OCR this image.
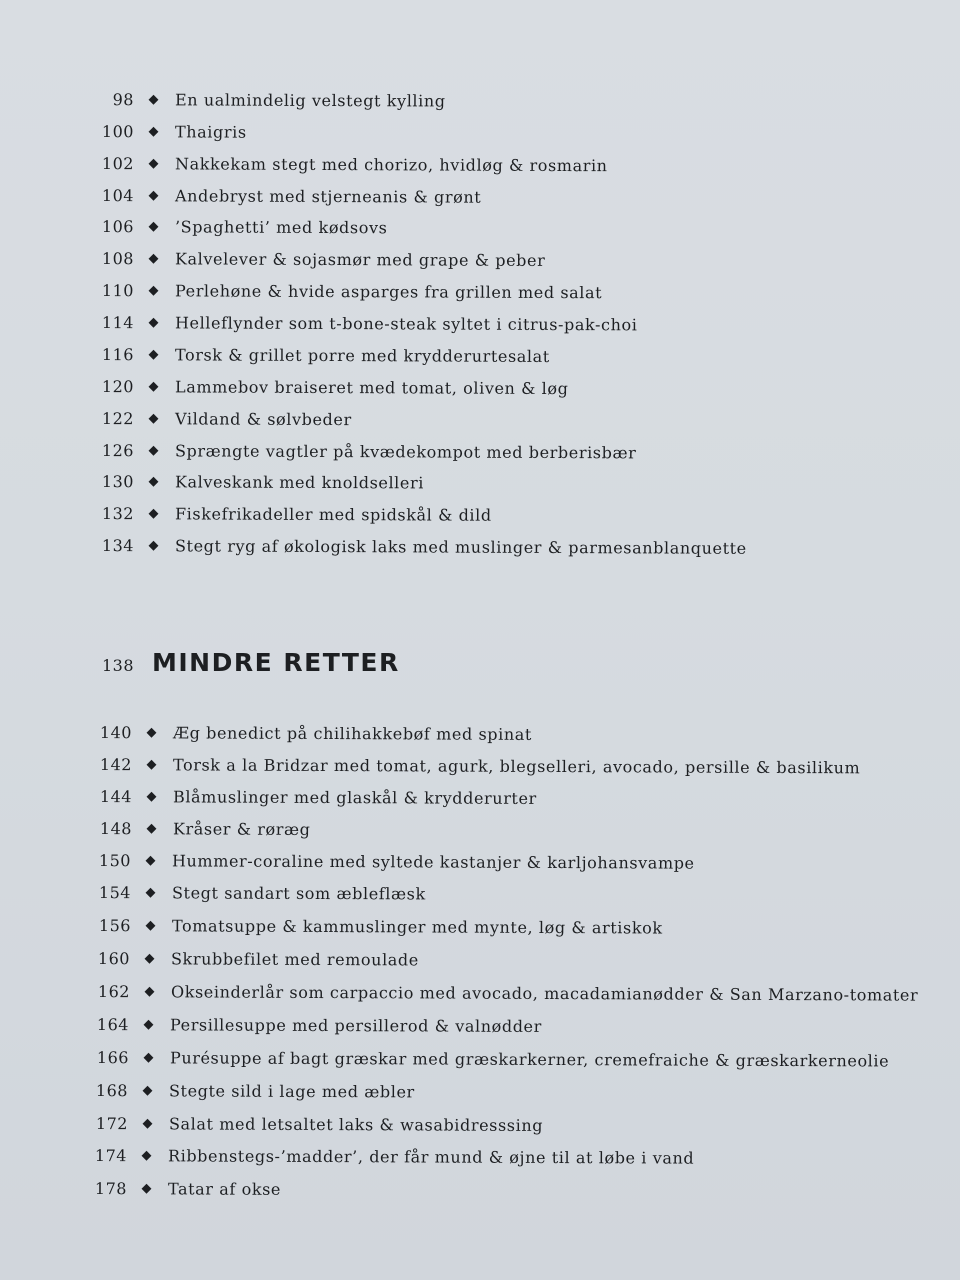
98	En ualmindelig velstegt kylling
100	Thaigris
102	Nakkekam stegt med chorizo, hvidløg & rosmarin
104	Andebryst med stjerneanis & grønt
106	’Spaghetti’ med kødsovs
108	Kalvelever & sojasmør med grape & peber
110	Perlehøne & hvide asparges fra grillen med salat
114	Helleflynder som t-bone-steak syltet i citrus-pak-choi
116	Torsk & grillet porre med krydderurtesalat
120	Lammebov braiseret med tomat, oliven & løg
122	Vildand & sølvbeder
126	Sprængte vagtler på kvædekompot med berberisbær
130	Kalveskank med knoldselleri
132	Fiskefrikadeller med spidskål & dild
134	Stegt ryg af økologisk laks med muslinger & parmesanblanquette
138 MINDRE RETTER
140	Æg benedict på chilihakkebøf med spinat
142	Torsk a la Bridzar med tomat, agurk, blegselleri, avocado, persille & basilikum
144	Blåmuslinger med glaskål & krydderurter
148	Kråser & røræg
150	Hummer-coraline med syltede kastanjer & karljohansvampe
154	Stegt sandart som æbleflæsk
156	Tomatsuppe & kammuslinger med mynte, løg & artiskok
160	Skrubbefilet med remoulade
162	Okseinderlår som carpaccio med avocado, macadamianødder & San Marzano-tomater
164	Persillesuppe med persillerod & valnødder
166	Purésuppe af bagt græskar med græskarkerner, cremefraiche & græskarkerneolie
168	Stegte sild i lage med æbler
172	Salat med letsaltet laks & wasabidresssing
174	Ribbenstegs-’madder’, der får mund & øjne til at løbe i vand
178	Tatar af okse
